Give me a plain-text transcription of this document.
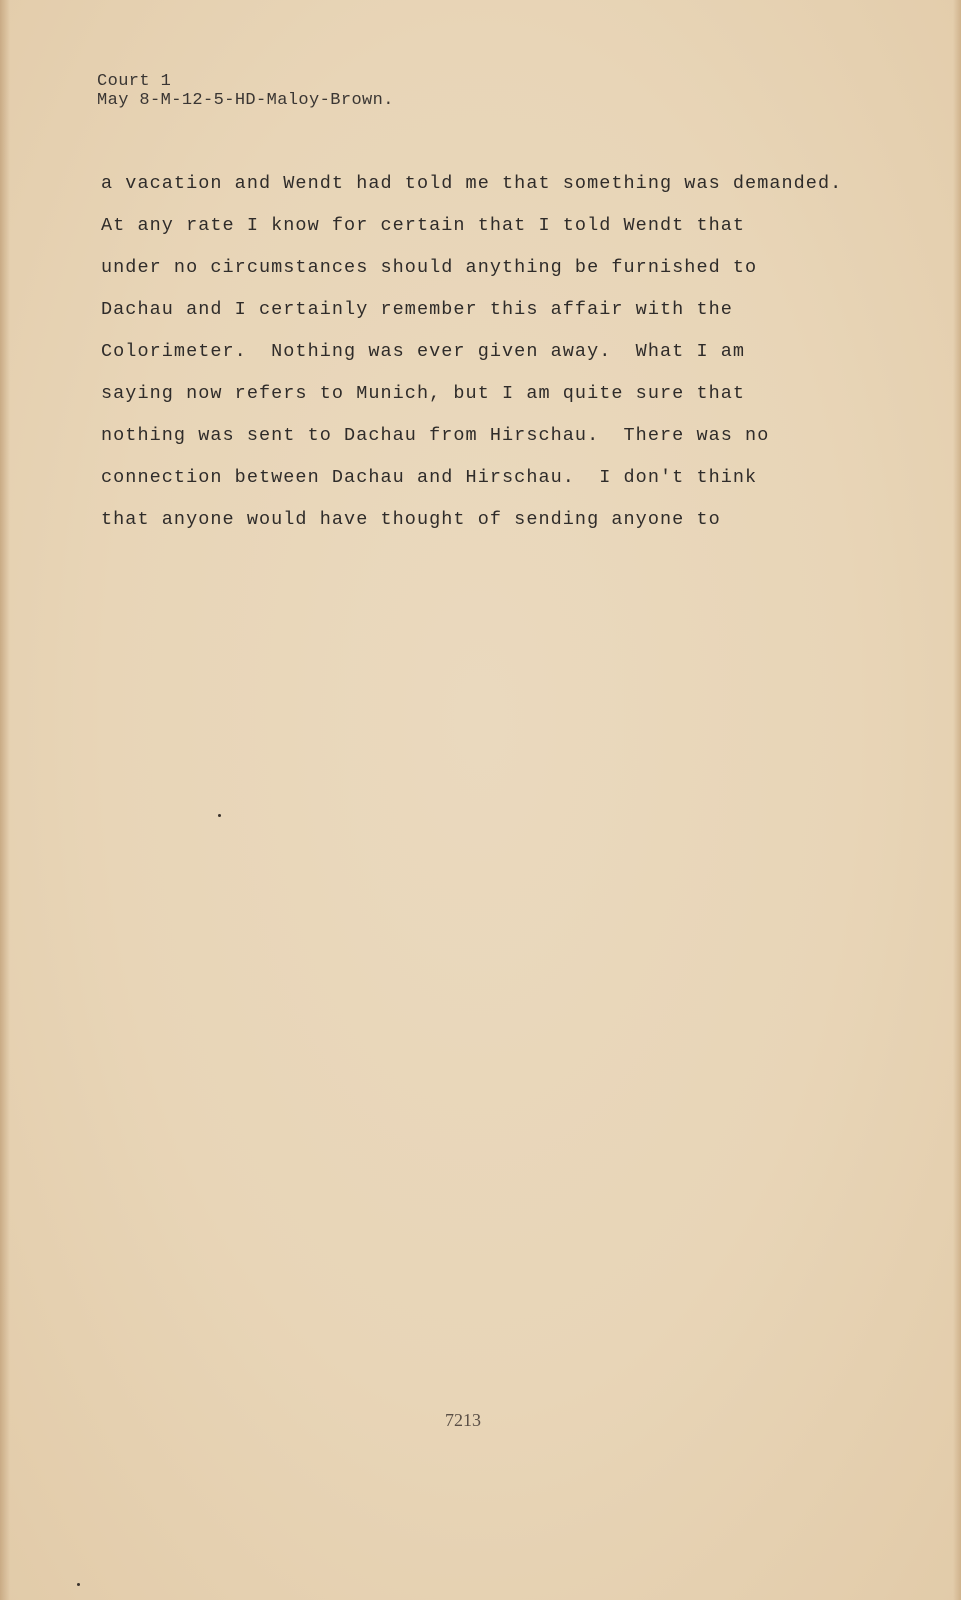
Court 1
May 8-M-12-5-HD-Maloy-Brown.
a vacation and Wendt had told me that something was demanded.
At any rate I know for certain that I told Wendt that
under no circumstances should anything be furnished to
Dachau and I certainly remember this affair with the
Colorimeter.  Nothing was ever given away.  What I am
saying now refers to Munich, but I am quite sure that
nothing was sent to Dachau from Hirschau.  There was no
connection between Dachau and Hirschau.  I don't think
that anyone would have thought of sending anyone to
7213
